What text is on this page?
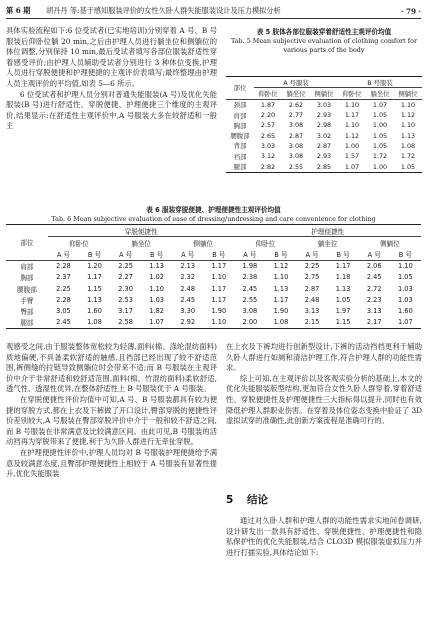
第 6 期	胡丹丹 等:基于感知服装评价的女性久卧人群失能服装设计及压力模拟分析	· 79 ·

具体实验流程如下:6 位受试者(已实地培训)分别穿着 A 号、B 号服装后仰卧位躺 20 min,之后由护理人员进行躺坐位和侧躺位的体位调整,分别保持 10 min,最后受试者填写各部位服装舒适性穿着感受评价;由护理人员辅助受试者分别进行 3 种体位变换,护理人员进行穿脱便捷和护理便捷的主观评价表填写;最终整理由护理人员主观评价的平均值,如表 5—6 所示。

6 位受试者和护理人员分别对普通失能服装(A 号)及优化失能服装(B 号)进行舒适性、穿脱便捷、护理便捷三个维度的主观评价,结果显示:在舒适性主观评价中,A 号服装大多在较舒适和一般主

表 5 肢体各部位服装穿着舒适性主观评价均值
Tab. 5 Mean subjective evaluation of clothing comfort for various parts of the body
部位	A 号服装			B 号服装		
	仰卧位	躺坐位	侧躺位	仰卧位	躺坐位	侧躺位
颈部	1.87	2.62	3.03	1.10	1.07	1.10
肩部	2.20	2.77	2.93	1.17	1.05	1.12
胸部	2.57	3.08	2.98	1.10	1.00	1.10
腰腹部	2.65	2.87	3.02	1.12	1.05	1.13
背部	3.03	3.08	2.87	1.00	1.05	1.08
裆部	3.12	3.08	2.93	1.57	1.72	1.72
腿部	2.82	2.55	2.85	1.07	1.00	1.05
表 6 服装穿脱便捷、护理便捷性主观评价均值
Tab. 6 Mean subjective evaluation of ease of dressing/undressing and care convenience for clothing
部位	穿脱便捷性						护理便捷性					
	仰卧位		躺坐位		侧躺位		仰卧位		躺坐位		侧躺位	
	A 号	B 号	A 号	B 号	A 号	B 号	A 号	B 号	A 号	B 号	A 号	B 号
肩部	2.28	1.20	2.25	1.13	2.13	1.17	1.98	1.12	2.25	1.17	2.06	1.10
胸部	2.37	1.17	2.27	1.02	2.32	1.10	2.38	1.10	2.75	1.18	2.45	1.05
腰腹部	2.25	1.15	2.30	1.10	2.48	1.17	2.45	1.13	2.87	1.13	2.72	1.03
手臂	2.28	1.13	2.53	1.03	2.45	1.17	2.55	1.17	2.48	1.05	2.23	1.03
臀部	3.05	1.60	3.17	1.82	3.30	1.90	3.08	1.90	3.13	1.97	3.13	1.60
腿部	2.45	1.08	2.58	1.07	2.92	1.10	2.00	1.08	2.15	1.15	2.17	1.07

观感受之间,由于服装整体宽松较为轻薄,面料(棉、涤纶混纺面料)质地偏硬,不具备柔软舒适的触感,且裆部已经出现了较不舒适范围,裤侧缝的拉链导致侧躺位时会带来不适;而 B 号服装在主观评价中介于非常舒适和较舒适范围,面料(棉、竹混纺面料)柔软舒适,透气性、透湿性优异,在整体舒适性上 B 号服装优于 A 号服装。

在穿脱便捷性评价均值中可知,A 号、B 号服装都具有较为便捷的穿脱方式,都在上衣及下裤做了开口设计,臀部穿脱的便捷性评价差别较大,A 号服装在臀部穿脱评价中介于一般和较不舒适之间,而 B 号服装在非常满意及比较满意区间。由此可见,B 号服装的活动裆再为穿脱带来了便捷,利于为久卧人群进行无牵扯穿脱。

在护理便捷性评价中,护理人员均对 B 号服装护理便捷给予满意及较满意态度,且臀部护理便捷性上相较于 A 号服装有显著性提升,优化失能服装

在上衣及下裤均进行创新型设计,下裤的活动裆档更利于辅助久卧人群进行如厕和清洁护理工作,符合护理人群的功能性需求。

综上可知,在主观评价以及客观实验分析的基础上,本文的优化失能服装版型结构,更加符合女性久卧人群穿着,穿着舒适性、穿脱便捷性及护理便捷性三大指标得以提升,同时也有效降低护理人群职业伤害。在穿着及体位姿态变换中验证了 3D 虚拟试穿的准确性,此创新方案流程是准确可行的。

5 结论

通过对久卧人群和护理人群的功能性需求实地问卷调研,设计研发出一款具有舒适性、穿脱便捷性、护理便捷性和隐私保护性的优化失能服装,结合 CLO3D 模拟服装虚拟压力并进行打擂实验,具体结论如下:
